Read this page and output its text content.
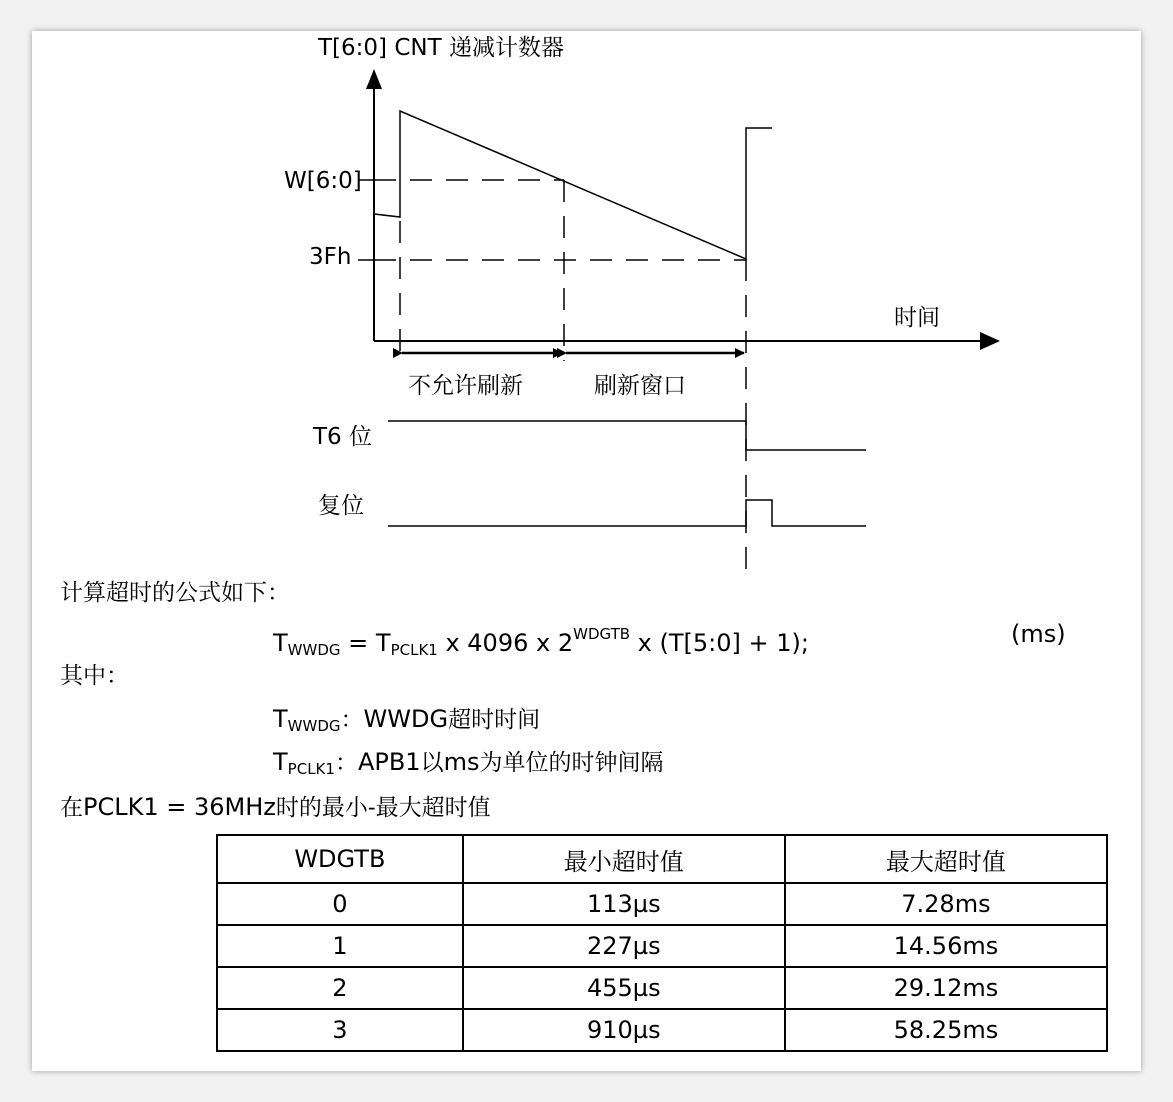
T[6:0] CNT 递减计数器
时间
W[6:0]
3Fh
不允许刷新	刷新窗口
T6 位
复位
计算超时的公式如下：
$T_{WWDG} = T_{PCLK1}$ x 4096 x $2^{WDGTB}$ x (T[5:0] + 1);	(ms)
其中：
$T_{WWDG}$：WWDG超时时间
$T_{PCLK1}$：APB1以ms为单位的时钟间隔
在PCLK1 = 36MHz时的最小-最大超时值
WDGTB	最小超时值	最大超时值
0	113µs	7.28ms
1	227µs	14.56ms
2	455µs	29.12ms
3	910µs	58.25ms
